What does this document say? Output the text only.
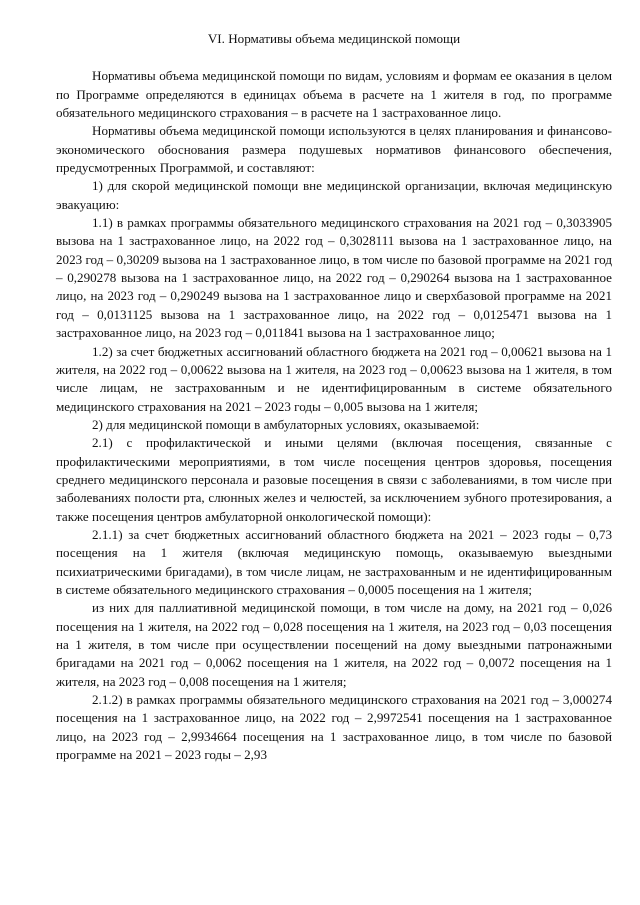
VI. Нормативы объема медицинской помощи

Нормативы объема медицинской помощи по видам, условиям и формам ее оказания в целом по Программе определяются в единицах объема в расчете на 1 жителя в год, по программе обязательного медицинского страхования – в расчете на 1 застрахованное лицо.

Нормативы объема медицинской помощи используются в целях планирования и финансово-экономического обоснования размера подушевых нормативов финансового обеспечения, предусмотренных Программой, и составляют:

1) для скорой медицинской помощи вне медицинской организации, включая медицинскую эвакуацию:

1.1) в рамках программы обязательного медицинского страхования на 2021 год – 0,3033905 вызова на 1 застрахованное лицо, на 2022 год – 0,3028111 вызова на 1 застрахованное лицо, на 2023 год – 0,30209 вызова на 1 застрахованное лицо, в том числе по базовой программе на 2021 год – 0,290278 вызова на 1 застрахованное лицо, на 2022 год – 0,290264 вызова на 1 застрахованное лицо, на 2023 год – 0,290249 вызова на 1 застрахованное лицо и сверхбазовой программе на 2021 год – 0,0131125 вызова на 1 застрахованное лицо, на 2022 год – 0,0125471 вызова на 1 застрахованное лицо, на 2023 год – 0,011841 вызова на 1 застрахованное лицо;

1.2) за счет бюджетных ассигнований областного бюджета на 2021 год – 0,00621 вызова на 1 жителя, на 2022 год – 0,00622 вызова на 1 жителя, на 2023 год – 0,00623 вызова на 1 жителя, в том числе лицам, не застрахованным и не идентифицированным в системе обязательного медицинского страхования на 2021 – 2023 годы – 0,005 вызова на 1 жителя;

2) для медицинской помощи в амбулаторных условиях, оказываемой:

2.1) с профилактической и иными целями (включая посещения, связанные с профилактическими мероприятиями, в том числе посещения центров здоровья, посещения среднего медицинского персонала и разовые посещения в связи с заболеваниями, в том числе при заболеваниях полости рта, слюнных желез и челюстей, за исключением зубного протезирования, а также посещения центров амбулаторной онкологической помощи):

2.1.1) за счет бюджетных ассигнований областного бюджета на 2021 – 2023 годы – 0,73 посещения на 1 жителя (включая медицинскую помощь, оказываемую выездными психиатрическими бригадами), в том числе лицам, не застрахованным и не идентифицированным в системе обязательного медицинского страхования – 0,0005 посещения на 1 жителя;

из них для паллиативной медицинской помощи, в том числе на дому, на 2021 год – 0,026 посещения на 1 жителя, на 2022 год – 0,028 посещения на 1 жителя, на 2023 год – 0,03 посещения на 1 жителя, в том числе при осуществлении посещений на дому выездными патронажными бригадами на 2021 год – 0,0062 посещения на 1 жителя, на 2022 год – 0,0072 посещения на 1 жителя, на 2023 год – 0,008 посещения на 1 жителя;

2.1.2) в рамках программы обязательного медицинского страхования на 2021 год – 3,000274 посещения на 1 застрахованное лицо, на 2022 год – 2,9972541 посещения на 1 застрахованное лицо, на 2023 год – 2,9934664 посещения на 1 застрахованное лицо, в том числе по базовой программе на 2021 – 2023 годы – 2,93
